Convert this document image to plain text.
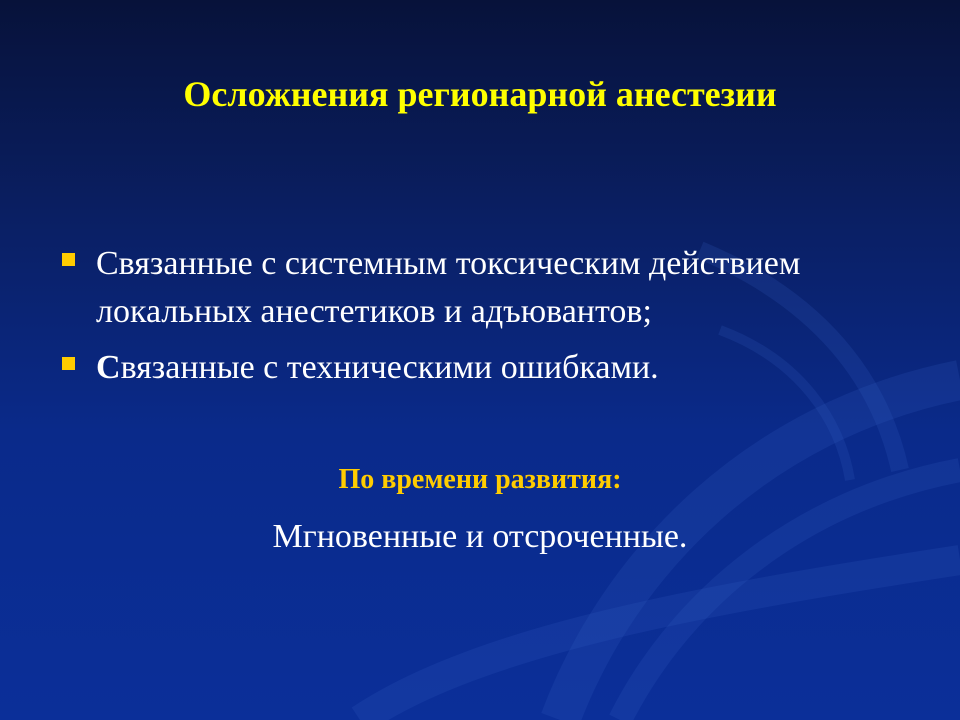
Осложнения регионарной анестезии
Связанные с системным токсическим действием локальных анестетиков и адъювантов;
Связанные с техническими ошибками.
По времени развития:
Мгновенные и отсроченные.
